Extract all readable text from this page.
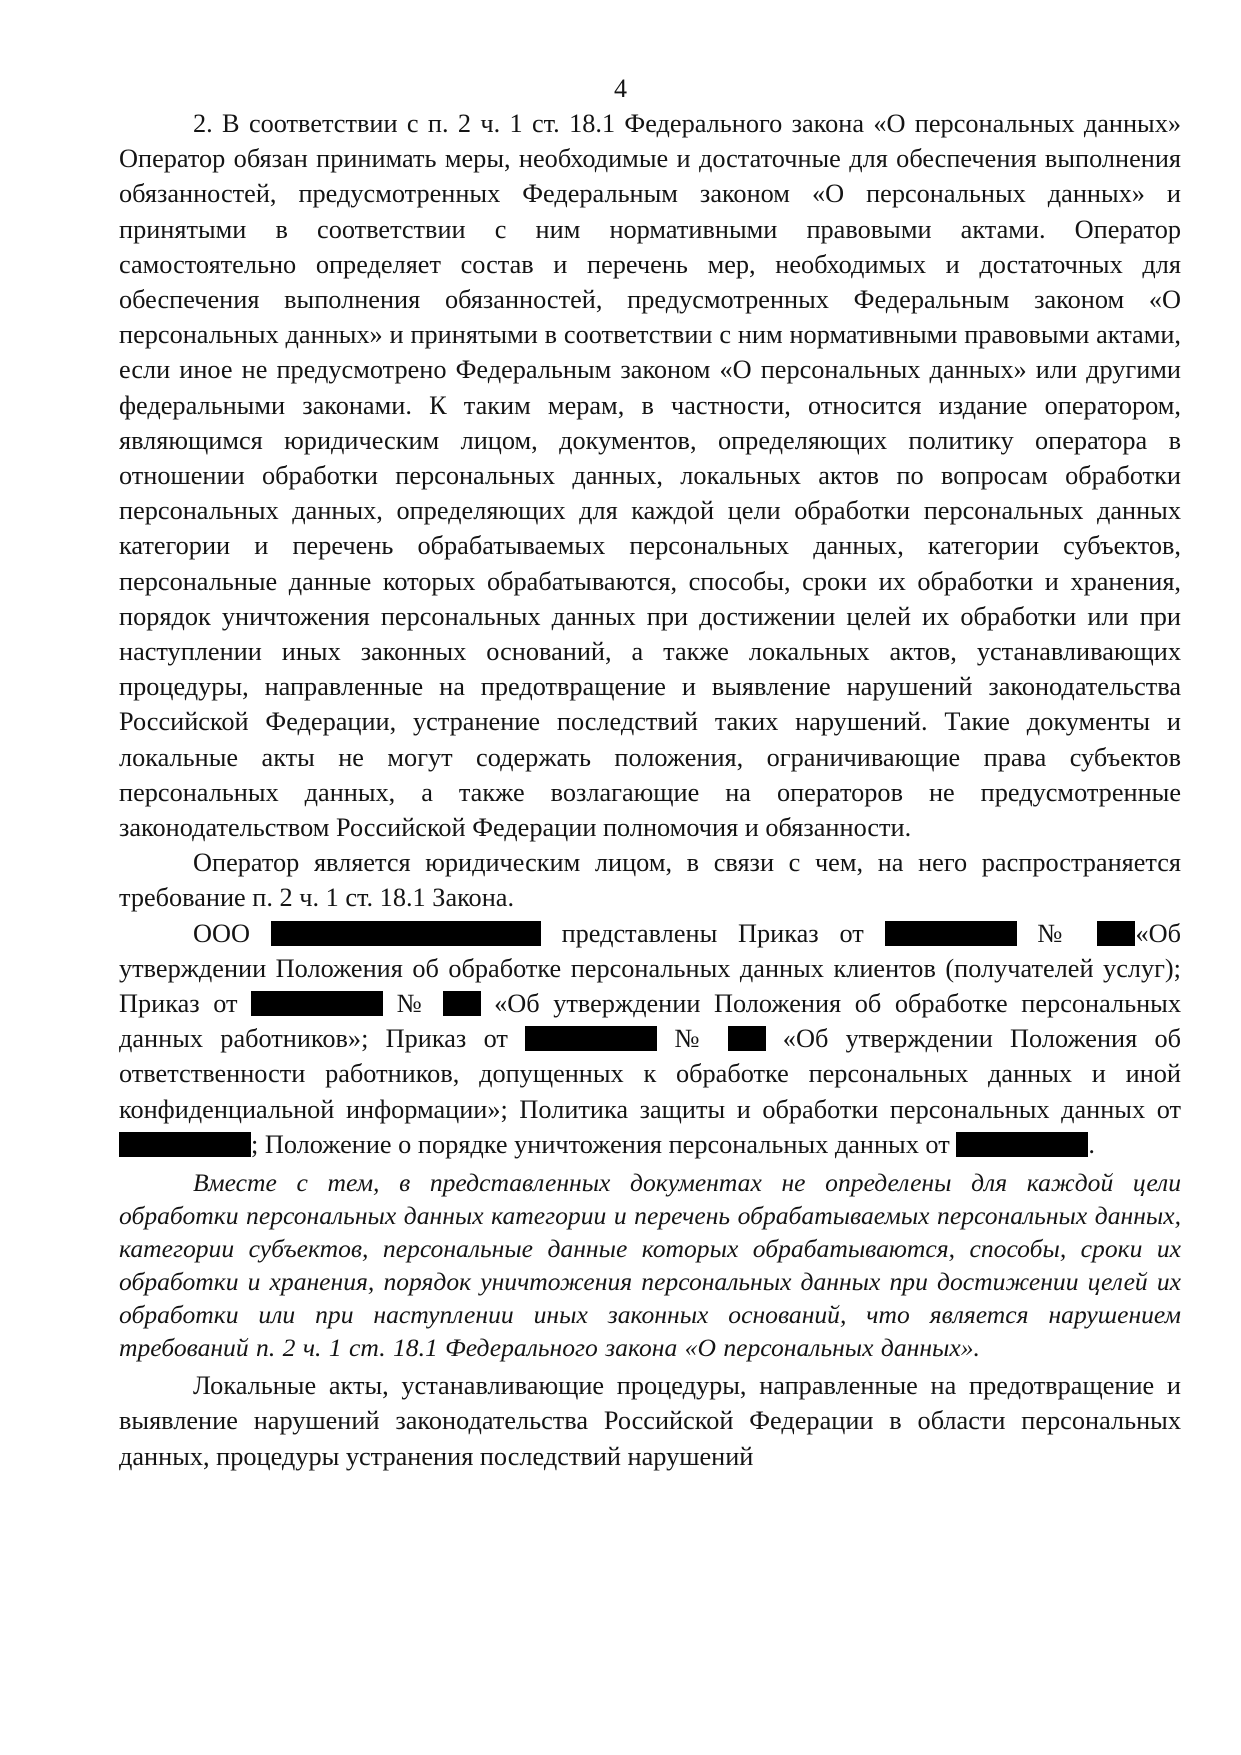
4

2. В соответствии с п. 2 ч. 1 ст. 18.1 Федерального закона «О персональных данных» Оператор обязан принимать меры, необходимые и достаточные для обеспечения выполнения обязанностей, предусмотренных Федеральным законом «О персональных данных» и принятыми в соответствии с ним нормативными правовыми актами. Оператор самостоятельно определяет состав и перечень мер, необходимых и достаточных для обеспечения выполнения обязанностей, предусмотренных Федеральным законом «О персональных данных» и принятыми в соответствии с ним нормативными правовыми актами, если иное не предусмотрено Федеральным законом «О персональных данных» или другими федеральными законами. К таким мерам, в частности, относится издание оператором, являющимся юридическим лицом, документов, определяющих политику оператора в отношении обработки персональных данных, локальных актов по вопросам обработки персональных данных, определяющих для каждой цели обработки персональных данных категории и перечень обрабатываемых персональных данных, категории субъектов, персональные данные которых обрабатываются, способы, сроки их обработки и хранения, порядок уничтожения персональных данных при достижении целей их обработки или при наступлении иных законных оснований, а также локальных актов, устанавливающих процедуры, направленные на предотвращение и выявление нарушений законодательства Российской Федерации, устранение последствий таких нарушений. Такие документы и локальные акты не могут содержать положения, ограничивающие права субъектов персональных данных, а также возлагающие на операторов не предусмотренные законодательством Российской Федерации полномочия и обязанности.

Оператор является юридическим лицом, в связи с чем, на него распространяется требование п. 2 ч. 1 ст. 18.1 Закона.

ООО	представлены Приказ от	№ «Об утверждении Положения об обработке персональных данных клиентов (получателей услуг); Приказ от	№  «Об утверждении Положения об обработке персональных данных работников»; Приказ от	№  «Об утверждении Положения об ответственности работников, допущенных к обработке персональных данных и иной конфиденциальной информации»; Политика защиты и обработки персональных данных от ; Положение о порядке уничтожения персональных данных от	.

Вместе с тем, в представленных документах не определены для каждой цели обработки персональных данных категории и перечень обрабатываемых персональных данных, категории субъектов, персональные данные которых обрабатываются, способы, сроки их обработки и хранения, порядок уничтожения персональных данных при достижении целей их обработки или при наступлении иных законных оснований, что является нарушением требований п. 2 ч. 1 ст. 18.1 Федерального закона «О персональных данных».

Локальные акты, устанавливающие процедуры, направленные на предотвращение и выявление нарушений законодательства Российской Федерации в области персональных данных, процедуры устранения последствий нарушений
